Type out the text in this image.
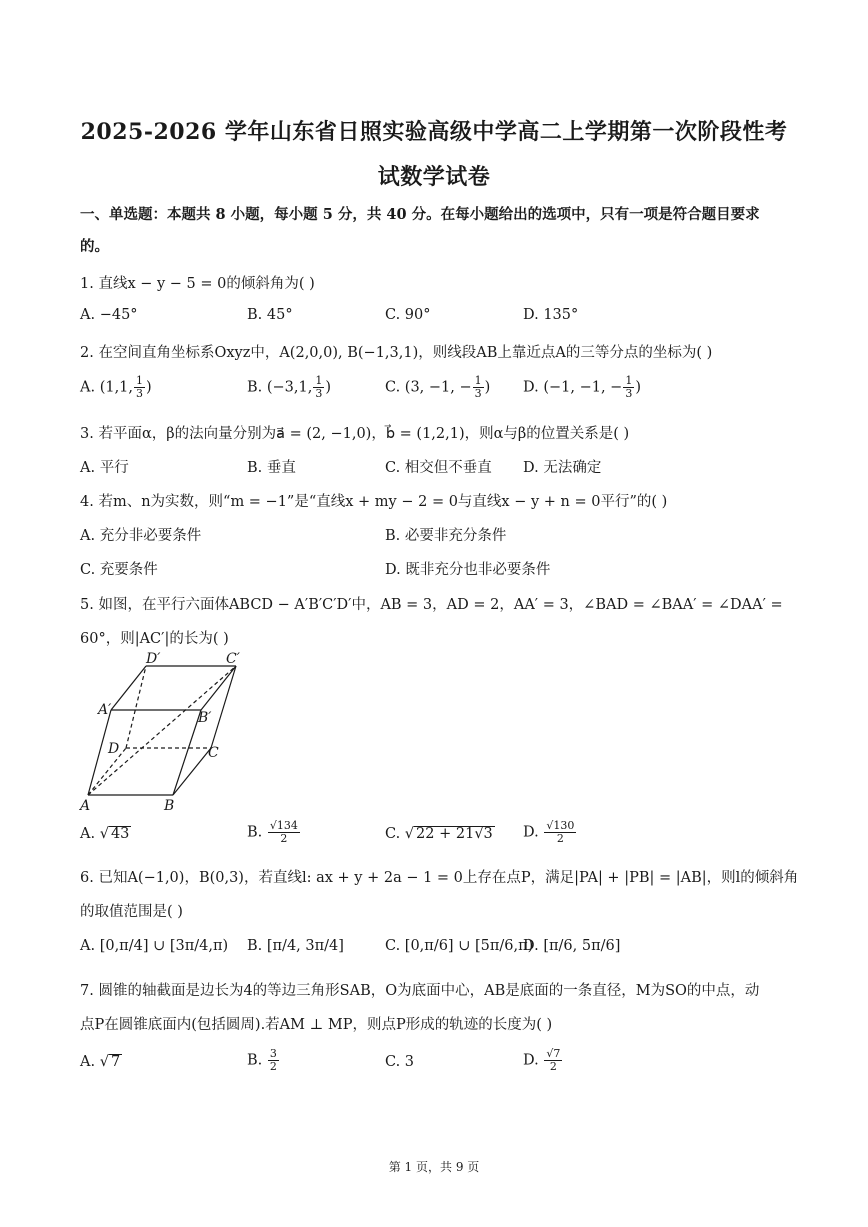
2025-2026 学年山东省日照实验高级中学高二上学期第一次阶段性考
试数学试卷
一、单选题：本题共 8 小题，每小题 5 分，共 40 分。在每小题给出的选项中，只有一项是符合题目要求的。
1. 直线x − y − 5 = 0的倾斜角为( )
A. −45°	B. 45°	C. 90°	D. 135°
2. 在空间直角坐标系Oxyz中，A(2,0,0), B(−1,3,1)，则线段AB上靠近点A的三等分点的坐标为( )
A. (1,1, $\frac{1}{3}$ )	B. (−3,1, $\frac{1}{3}$ )	C. (3, −1, − $\frac{1}{3}$ ) D. (−1, −1, − $\frac{1}{3}$ )
3. 若平面α，β的法向量分别为a⃗ = (2, −1,0)，b⃗ = (1,2,1)，则α与β的位置关系是( )
A. 平行	B. 垂直	C. 相交但不垂直 D. 无法确定
4. 若m、n为实数，则“m = −1”是“直线x + my − 2 = 0与直线x − y + n = 0平行”的( )
A. 充分非必要条件	B. 必要非充分条件
C. 充要条件	D. 既非充分也非必要条件
5. 如图，在平行六面体ABCD − A′B′C′D′中，AB = 3，AD = 2，AA′ = 3，∠BAD = ∠BAA′ = ∠DAA′ =
60°，则|AC′|的长为( )
D′	C′
A′	B′
D	C
A	B
A. √ 43	B. $\frac{√134}{2}$	C. √ 22 + 21√3 D. $\frac{√130}{2}$
6. 已知A(−1,0)，B(0,3)，若直线l: ax + y + 2a − 1 = 0上存在点P，满足|PA| + |PB| = |AB|，则l的倾斜角
的取值范围是( )
A. [0,π/4] ∪ [3π/4,π) B. [π/4, 3π/4]	C. [0,π/6] ∪ [5π/6,π)
D. [π/6, 5π/6]
7. 圆锥的轴截面是边长为4的等边三角形SAB，O为底面中心，AB是底面的一条直径，M为SO的中点，动
点P在圆锥底面内(包括圆周).若AM ⊥ MP，则点P形成的轨迹的长度为( )
A. √ 7	B. $\frac{3}{2}$	C. 3	D. $\frac{√7}{2}$
第 1 页，共 9 页
